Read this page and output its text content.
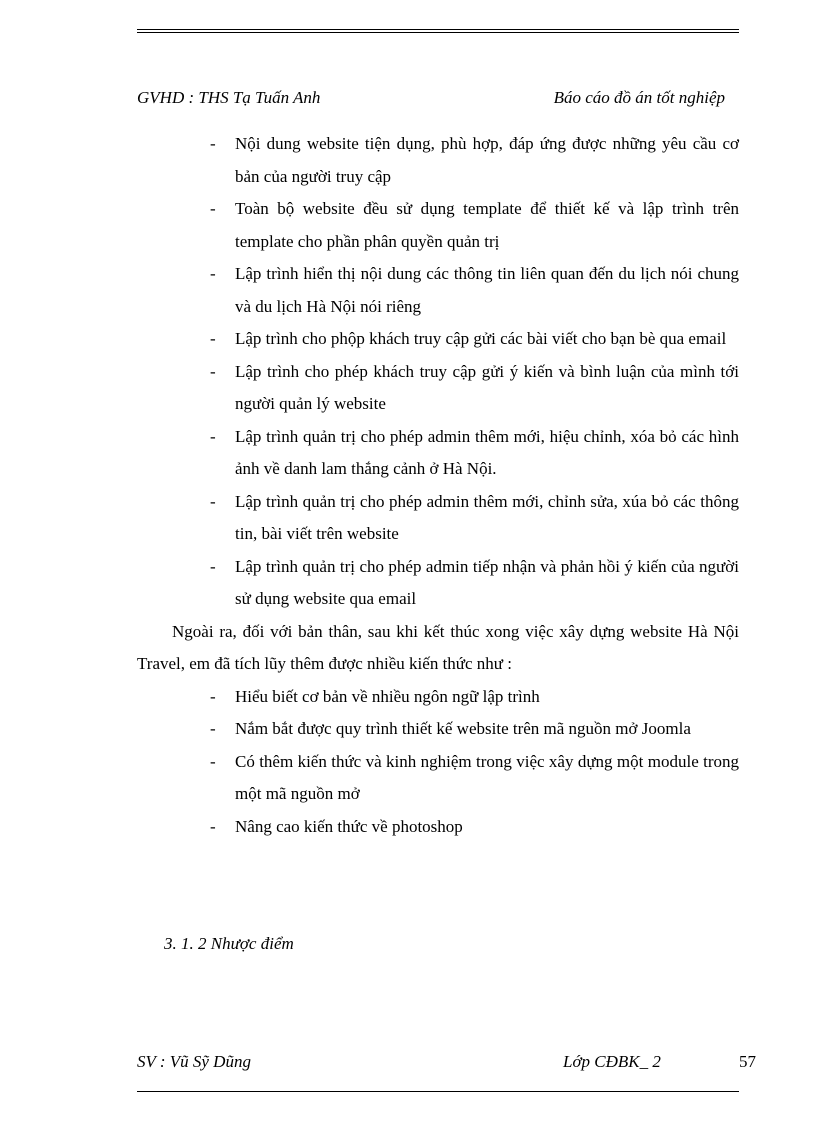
GVHD : THS Tạ Tuấn Anh	Báo cáo đồ án tốt nghiệp
- Nội dung website tiện dụng, phù hợp, đáp ứng được những yêu cầu cơ bản của người truy cập
- Toàn bộ website đều sử dụng template để thiết kế và lập trình trên template cho phần phân quyền quản trị
- Lập trình hiển thị nội dung các thông tin liên quan đến du lịch nói chung và du lịch Hà Nội nói riêng
- Lập trình cho phộp khách truy cập gửi các bài viết cho bạn bè qua email
- Lập trình cho phép khách truy cập gửi ý kiến và bình luận của mình tới người quản lý website
- Lập trình quản trị cho phép admin thêm mới, hiệu chỉnh, xóa bỏ các hình ảnh về danh lam thắng cảnh ở Hà Nội.
- Lập trình quản trị cho phép admin thêm mới, chỉnh sửa, xúa bỏ các thông tin, bài viết trên website
- Lập trình quản trị cho phép admin tiếp nhận và phản hồi ý kiến của người sử dụng website qua email

Ngoài ra, đối với bản thân, sau khi kết thúc xong việc xây dựng website Hà Nội Travel, em đã tích lũy thêm được nhiều kiến thức như :

- Hiểu biết cơ bản về nhiều ngôn ngữ lập trình
- Nắm bắt được quy trình thiết kế website trên mã nguồn mở Joomla
- Có thêm kiến thức và kinh nghiệm trong việc xây dựng một module trong một mã nguồn mở
- Nâng cao kiến thức về photoshop
3. 1. 2 Nhược điểm
SV : Vũ Sỹ Dũng	Lớp CĐBK_ 2	57
